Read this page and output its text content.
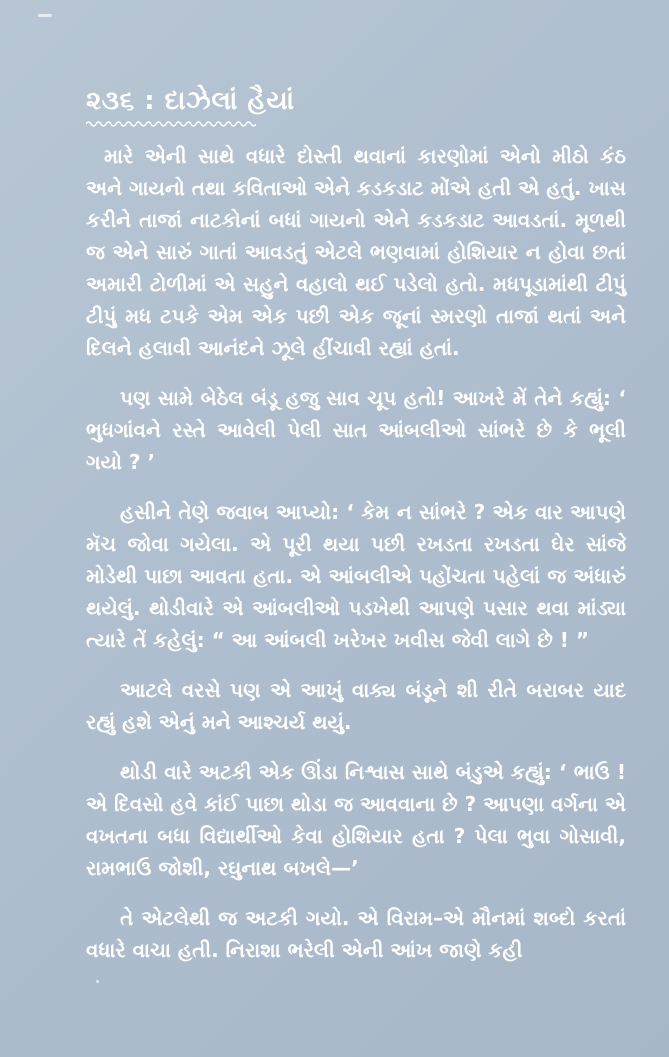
૨૩૬ : દાઝેલાં હૈયાં

મારે એની સાથે વધારે દોસ્તી થવાનાં કારણોમાં એનો મીઠો કંઠ અને ગાયનો તથા કવિતાઓ એને કડકડાટ મોંએ હતી એ હતું. ખાસ કરીને તાજાં નાટકોનાં બધાં ગાયનો એને કડકડાટ આવડતાં. મૂળથી જ એને સારું ગાતાં આવડતું એટલે ભણવામાં હોશિયાર ન હોવા છતાં અમારી ટોળીમાં એ સહુને વહાલો થઈ પડેલો હતો. મધપૂડામાંથી ટીપું ટીપું મધ ટપકે એમ એક પછી એક જૂનાં સ્મરણો તાજાં થતાં અને દિલને હલાવી આનંદને ઝૂલે હીંચાવી રહ્યાં હતાં.

પણ સામે બેઠેલ બંડૂ હજુ સાવ ચૂપ હતો! આખરે મેં તેને કહ્યું: ‘ ભુધગાંવને રસ્તે આવેલી પેલી સાત આંબલીઓ સાંભરે છે કે ભૂલી ગયો ? ’

હસીને તેણે જવાબ આપ્યો: ‘ કેમ ન સાંભરે ? એક વાર આપણે મૅચ જોવા ગયેલા. એ પૂરી થયા પછી રખડતા રખડતા ઘેર સાંજે મોડેથી પાછા આવતા હતા. એ આંબલીએ પહોંચતા પહેલાં જ અંધારું થયેલું. થોડીવારે એ આંબલીઓ પડખેથી આપણે પસાર થવા માંડ્યા ત્યારે તેં કહેલું: “ આ આંબલી ખરેખર ખવીસ જેવી લાગે છે ! ”

આટલે વરસે પણ એ આખું વાક્ય બંડૂને શી રીતે બરાબર યાદ રહ્યું હશે એનું મને આશ્ચર્ય થયું.

થોડી વારે અટકી એક ઊંડા નિશ્વાસ સાથે બંડુએ કહ્યું: ‘ ભાઉ ! એ દિવસો હવે કાંઈ પાછા થોડા જ આવવાના છે ? આપણા વર્ગના એ વખતના બધા વિદ્યાર્થીઓ કેવા હોશિયાર હતા ? પેલા ભુવા ગોસાવી, રામભાઉ જોશી, રઘુનાથ બખલે—’

તે એટલેથી જ અટકી ગયો. એ વિરામ–એ મૌનમાં શબ્દો કરતાં વધારે વાચા હતી. નિરાશા ભરેલી એની આંખ જાણે કહી
